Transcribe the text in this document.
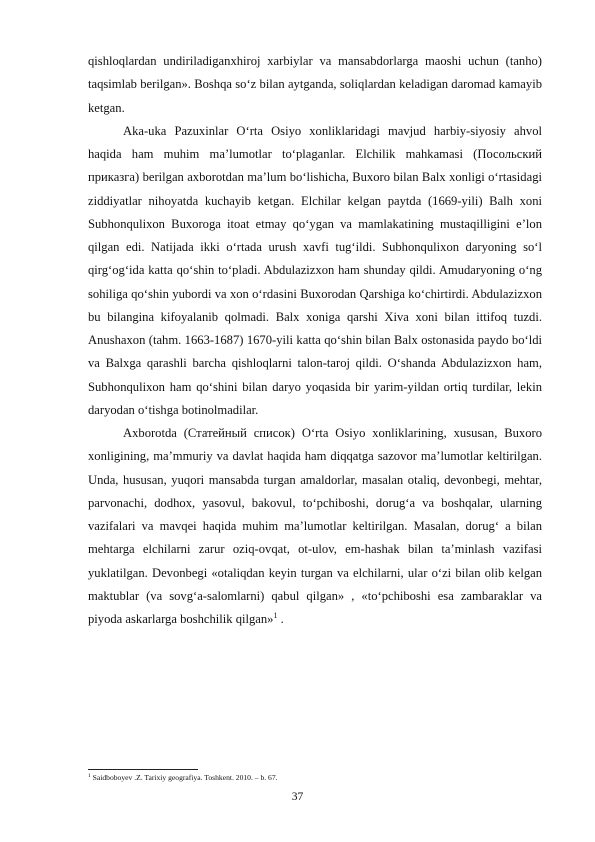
qishloqlardan undiriladiganxhiroj xarbiylar va mansabdorlarga maoshi uchun (tanho) taqsimlab berilgan». Boshqa so‘z bilan aytganda, soliqlardan keladigan daromad kamayib ketgan.

Aka-uka Pazuxinlar O‘rta Osiyo xonliklaridagi mavjud harbiy-siyosiy ahvol haqida ham muhim ma’lumotlar to‘plaganlar. Elchilik mahkamasi (Посольский приказга) berilgan axborotdan ma’lum bo‘lishicha, Buxoro bilan Balx xonligi o‘rtasidagi ziddiyatlar nihoyatda kuchayib ketgan. Elchilar kelgan paytda (1669-yili) Balh xoni Subhonqulixon Buxoroga itoat etmay qo‘ygan va mamlakatining mustaqilligini e’lon qilgan edi. Natijada ikki o‘rtada urush xavfi tug‘ildi. Subhonqulixon daryoning so‘l qirg‘og‘ida katta qo‘shin to‘pladi. Abdulazizxon ham shunday qildi. Amudaryoning o‘ng sohiliga qo‘shin yubordi va xon o‘rdasini Buxorodan Qarshiga ko‘chirtirdi. Abdulazizxon bu bilangina kifoyalanib qolmadi. Balx xoniga qarshi Xiva xoni bilan ittifoq tuzdi. Anushaxon (tahm. 1663-1687) 1670-yili katta qo‘shin bilan Balx ostonasida paydo bo‘ldi va Balxga qarashli barcha qishloqlarni talon-taroj qildi. O‘shanda Abdulazizxon ham, Subhonqulixon ham qo‘shini bilan daryo yoqasida bir yarim-yildan ortiq turdilar, lekin daryodan o‘tishga botinolmadilar.

Axborotda (Статейный список) O‘rta Osiyo xonliklarining, xususan, Buxoro xonligining, ma’mmuriy va davlat haqida ham diqqatga sazovor ma’lumotlar keltirilgan. Unda, hususan, yuqori mansabda turgan amaldorlar, masalan otaliq, devonbegi, mehtar, parvonachi, dodhox, yasovul, bakovul, to‘pchiboshi, dorug‘a va boshqalar, ularning vazifalari va mavqei haqida muhim ma’lumotlar keltirilgan. Masalan, dorug‘ a bilan mehtarga elchilarni zarur oziq-ovqat, ot-ulov, em-hashak bilan ta’minlash vazifasi yuklatilgan. Devonbegi «otaliqdan keyin turgan va elchilarni, ular o‘zi bilan olib kelgan maktublar (va sovg‘a-salomlarni) qabul qilgan» , «to‘pchiboshi esa zambaraklar va piyoda askarlarga boshchilik qilgan»$^1$ .

$^1$ Saidboboyev .Z. Tarixiy geografiya. Toshkent. 2010. – b. 67.
37
